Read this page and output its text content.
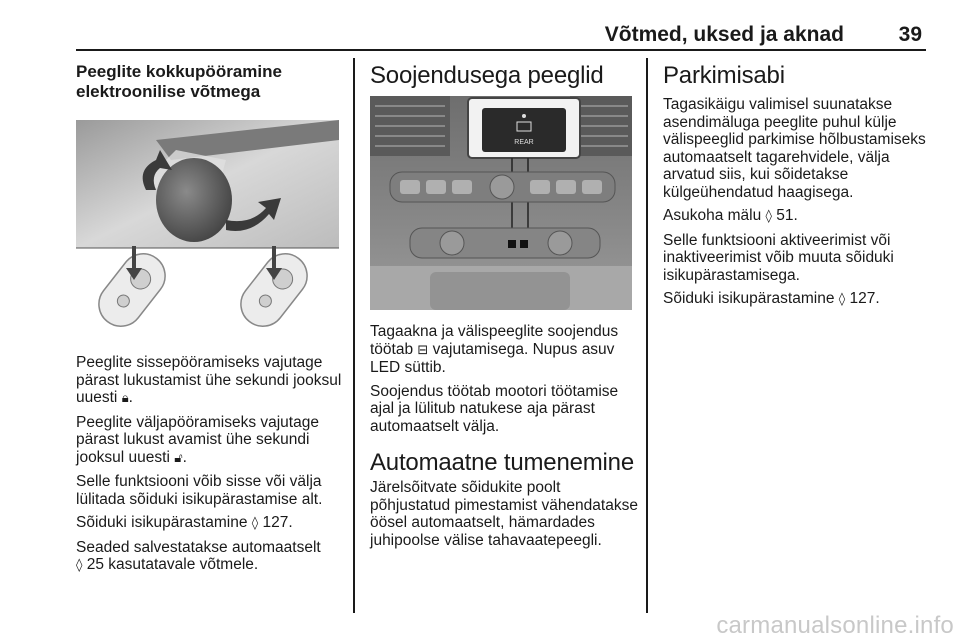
Võtmed, uksed ja aknad	39
Peeglite kokkupööramine
elektroonilise võtmega

Peeglite sissepööramiseks vajutage pärast lukustamist ühe sekundi jooksul uuesti 🔒︎.

Peeglite väljapööramiseks vajutage pärast lukust avamist ühe sekundi jooksul uuesti 🔓︎.

Selle funktsiooni võib sisse või välja lülitada sõiduki isikupärastamise alt.

Sõiduki isikupärastamine ◊ 127.

Seaded salvestatakse automaatselt
◊ 25 kasutatavale võtmele.

Soojendusega peeglid
REAR

Tagaakna ja välispeeglite soojendus töötab ⊟ vajutamisega. Nupus asuv LED süttib.

Soojendus töötab mootori töötamise ajal ja lülitub natukese aja pärast automaatselt välja.

Automaatne tumenemine

Järelsõitvate sõidukite poolt põhjustatud pimestamist vähendatakse öösel automaatselt, hämardades juhipoolse välise tahavaatepeegli.

Parkimisabi

Tagasikäigu valimisel suunatakse asendimäluga peeglite puhul külje välispeeglid parkimise hõlbustamiseks automaatselt tagarehvidele, välja arvatud siis, kui sõidetakse külgeühendatud haagisega.

Asukoha mälu ◊ 51.

Selle funktsiooni aktiveerimist või inaktiveerimist võib muuta sõiduki isikupärastamisega.

Sõiduki isikupärastamine ◊ 127.

carmanualsonline.info
